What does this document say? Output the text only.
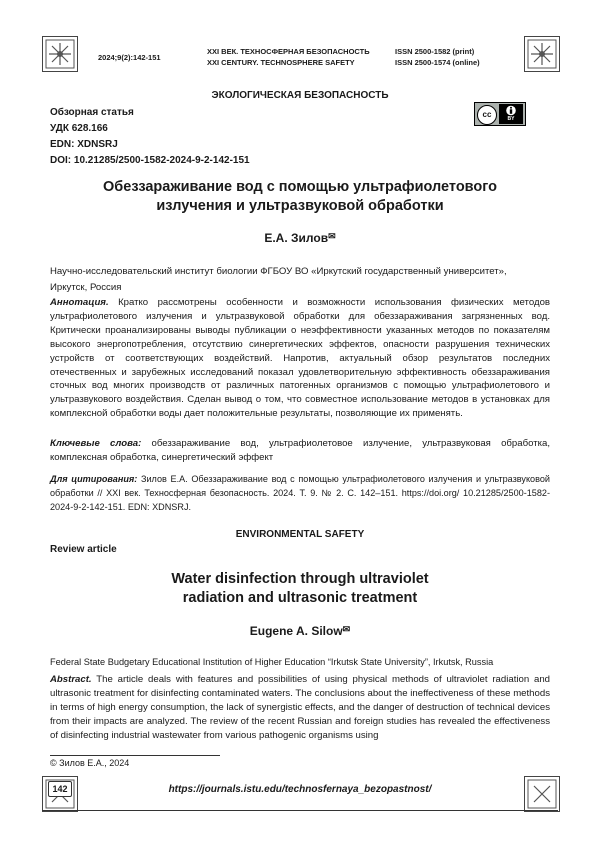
2024;9(2):142-151
XXI ВЕК. ТЕХНОСФЕРНАЯ БЕЗОПАСНОСТЬ
XXI CENTURY. TECHNOSPHERE SAFETY
ISSN 2500-1582 (print)
ISSN 2500-1574 (online)
ЭКОЛОГИЧЕСКАЯ БЕЗОПАСНОСТЬ
Обзорная статья
УДК 628.166
EDN: XDNSRJ
DOI: 10.21285/2500-1582-2024-9-2-142-151
cc	BY
Обеззараживание вод с помощью ультрафиолетового
излучения и ультразвуковой обработки
Е.А. Зилов✉
Научно-исследовательский институт биологии ФГБОУ ВО «Иркутский государственный университет»,
Иркутск, Россия
Аннотация. Кратко рассмотрены особенности и возможности использования физических методов ультрафиолетового излучения и ультразвуковой обработки для обеззараживания загрязненных вод. Критически проанализированы выводы публикации о неэффективности указанных методов по показателям высокого энергопотребления, отсутствию синергетических эффектов, опасности разрушения технических устройств от соответствующих воздействий. Напротив, актуальный обзор результатов последних отечественных и зарубежных исследований показал удовлетворительную эффективность обеззараживания сточных вод многих производств от различных патогенных организмов с помощью ультрафиолетового и ультразвукового воздействия. Сделан вывод о том, что совместное использование методов в установках для комплексной обработки воды дает положительные результаты, позволяющие их применять.
Ключевые слова: обеззараживание вод, ультрафиолетовое излучение, ультразвуковая обработка, комплексная обработка, синергетический эффект
Для цитирования: Зилов Е.А. Обеззараживание вод с помощью ультрафиолетового излучения и ультразвуковой обработки // XXI век. Техносферная безопасность. 2024. Т. 9. № 2. С. 142–151. https://doi.org/ 10.21285/2500-1582-2024-9-2-142-151. EDN: XDNSRJ.
ENVIRONMENTAL SAFETY
Review article
Water disinfection through ultraviolet
radiation and ultrasonic treatment
Eugene A. Silow✉
Federal State Budgetary Educational Institution of Higher Education “Irkutsk State University”, Irkutsk, Russia
Abstract. The article deals with features and possibilities of using physical methods of ultraviolet radiation and ultrasonic treatment for disinfecting contaminated waters. The conclusions about the ineffectiveness of these methods in terms of high energy consumption, the lack of synergistic effects, and the danger of destruction of technical devices from their impacts are analyzed. The review of the recent Russian and foreign studies has revealed the effectiveness of disinfecting industrial wastewater from various pathogenic organisms using
© Зилов Е.А., 2024
142	https://journals.istu.edu/technosfernaya_bezopastnost/
